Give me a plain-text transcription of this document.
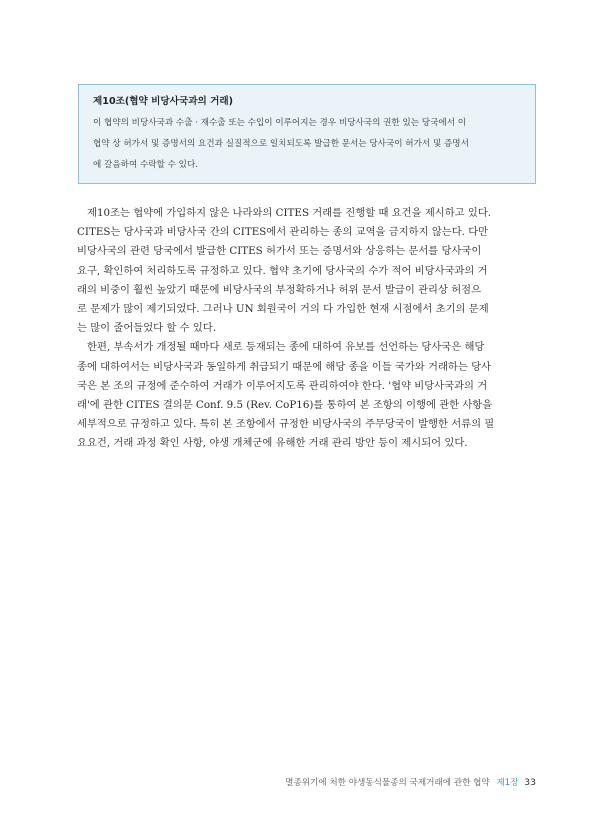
제10조(협약 비당사국과의 거래)
이 협약의 비당사국과 수출 · 재수출 또는 수입이 이루어지는 경우 비당사국의 권한 있는 당국에서 이
협약 상 허가서 및 증명서의 요건과 실질적으로 일치되도록 발급한 문서는 당사국이 허가서 및 증명서
에 갈음하여 수락할 수 있다.
제10조는 협약에 가입하지 않은 나라와의 CITES 거래를 진행할 때 요건을 제시하고 있다.
CITES는 당사국과 비당사국 간의 CITES에서 관리하는 종의 교역을 금지하지 않는다. 다만
비당사국의 관련 당국에서 발급한 CITES 허가서 또는 증명서와 상응하는 문서를 당사국이
요구, 확인하여 처리하도록 규정하고 있다. 협약 초기에 당사국의 수가 적어 비당사국과의 거
래의 비중이 훨씬 높았기 때문에 비당사국의 부정확하거나 허위 문서 발급이 관리상 허점으
로 문제가 많이 제기되었다. 그러나 UN 회원국이 거의 다 가입한 현재 시점에서 초기의 문제
는 많이 줄어들었다 할 수 있다.
한편, 부속서가 개정될 때마다 새로 등재되는 종에 대하여 유보를 선언하는 당사국은 해당
종에 대하여서는 비당사국과 동일하게 취급되기 때문에 해당 종을 이들 국가와 거래하는 당사
국은 본 조의 규정에 준수하여 거래가 이루어지도록 관리하여야 한다. '협약 비당사국과의 거
래'에 관한 CITES 결의문 Conf. 9.5 (Rev. CoP16)를 통하여 본 조항의 이행에 관한 사항을
세부적으로 규정하고 있다. 특히 본 조항에서 규정한 비당사국의 주무당국이 발행한 서류의 필
요요건, 거래 과정 확인 사항, 야생 개체군에 유해한 거래 관리 방안 등이 제시되어 있다.
멸종위기에 처한 야생동식물종의 국제거래에 관한 협약 제1장 33
